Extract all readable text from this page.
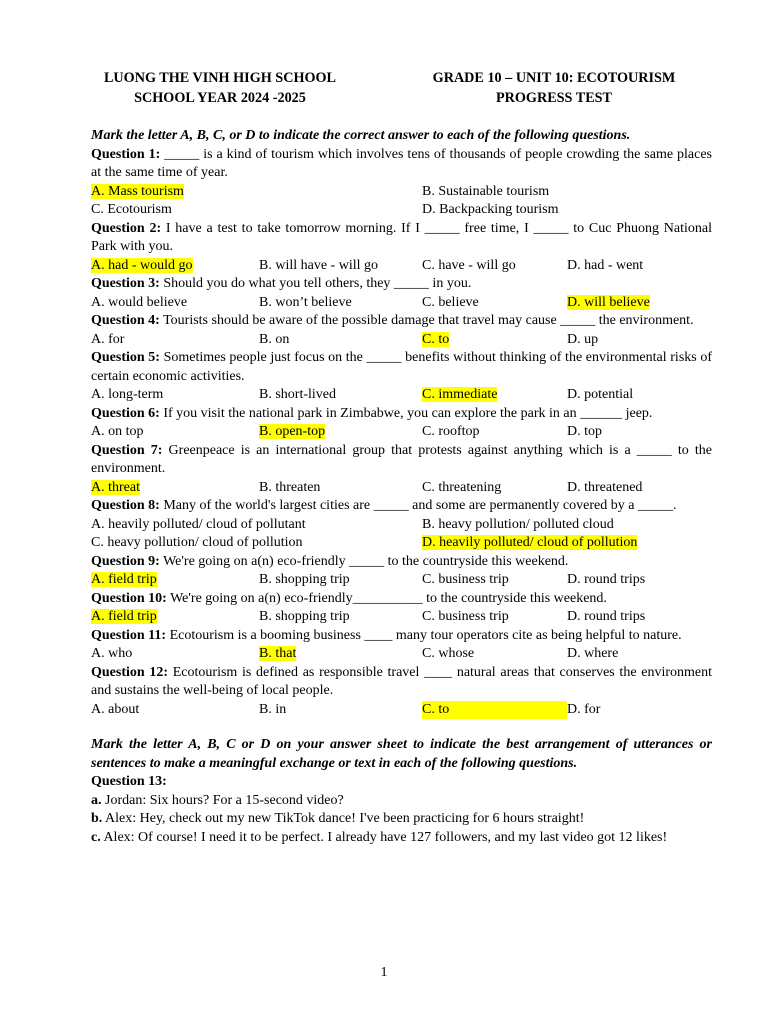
LUONG THE VINH HIGH SCHOOL
SCHOOL YEAR 2024 -2025
GRADE 10 – UNIT 10: ECOTOURISM
PROGRESS TEST

Mark the letter A, B, C, or D to indicate the correct answer to each of the following questions.

Question 1: _____ is a kind of tourism which involves tens of thousands of people crowding the same places at the same time of year.

A. Mass tourism	B. Sustainable tourism
C. Ecotourism	D. Backpacking tourism

Question 2: I have a test to take tomorrow morning. If I _____ free time, I _____ to Cuc Phuong National Park with you.

A. had - would go	B. will have - will go	C. have - will go	D. had - went

Question 3: Should you do what you tell others, they _____ in you.

A. would believe	B. won’t believe	C. believe	D. will believe

Question 4: Tourists should be aware of the possible damage that travel may cause _____ the environment.

A. for	B. on	C. to	D. up

Question 5: Sometimes people just focus on the _____ benefits without thinking of the environmental risks of certain economic activities.

A. long-term	B. short-lived	C. immediate	D. potential

Question 6: If you visit the national park in Zimbabwe, you can explore the park in an ______ jeep.

A. on top	B. open-top	C. rooftop	D. top

Question 7: Greenpeace is an international group that protests against anything which is a _____ to the environment.

A. threat	B. threaten	C. threatening	D. threatened

Question 8: Many of the world's largest cities are _____ and some are permanently covered by a _____.

A. heavily polluted/ cloud of pollutant	B. heavy pollution/ polluted cloud
C. heavy pollution/ cloud of pollution	D. heavily polluted/ cloud of pollution

Question 9: We're going on a(n) eco-friendly _____ to the countryside this weekend.

A. field trip	B. shopping trip	C. business trip	D. round trips

Question 10: We're going on a(n) eco-friendly__________ to the countryside this weekend.

A. field trip	B. shopping trip	C. business trip	D. round trips

Question 11: Ecotourism is a booming business ____ many tour operators cite as being helpful to nature.

A. who	B. that	C. whose	D. where

Question 12: Ecotourism is defined as responsible travel ____ natural areas that conserves the environment and sustains the well-being of local people.

A. about	B. in	C. to	D. for

Mark the letter A, B, C or D on your answer sheet to indicate the best arrangement of utterances or sentences to make a meaningful exchange or text in each of the following questions.

Question 13:

a. Jordan: Six hours? For a 15-second video?

b. Alex: Hey, check out my new TikTok dance! I've been practicing for 6 hours straight!

c. Alex: Of course! I need it to be perfect. I already have 127 followers, and my last video got 12 likes!

1
